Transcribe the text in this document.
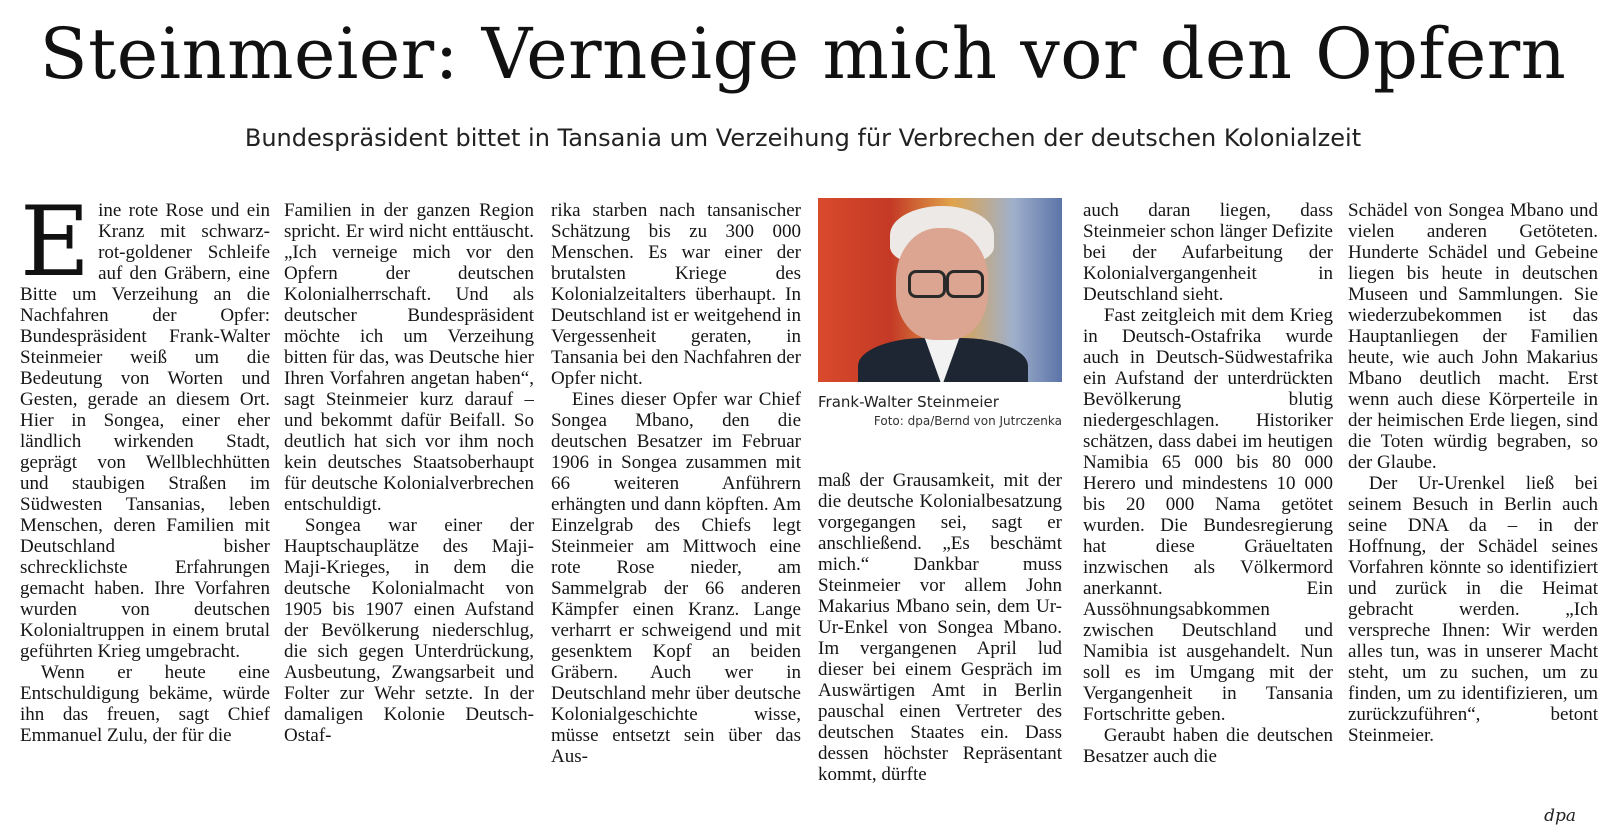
Steinmeier: Verneige mich vor den Opfern
Bundespräsident bittet in Tansania um Verzeihung für Verbrechen der deutschen Kolonialzeit
E ine rote Rose und ein Kranz mit schwarz-rot-goldener Schleife auf den Gräbern, eine Bitte um Verzeihung an die Nachfahren der Opfer: Bundespräsident Frank-Walter Steinmeier weiß um die Bedeutung von Worten und Gesten, gerade an diesem Ort. Hier in Songea, einer eher ländlich wirkenden Stadt, geprägt von Wellblechhütten und staubigen Straßen im Südwesten Tansanias, leben Menschen, deren Familien mit Deutschland bisher schrecklichste Erfahrungen gemacht haben. Ihre Vorfahren wurden von deutschen Kolonialtruppen in einem brutal geführten Krieg umgebracht.

Wenn er heute eine Entschuldigung bekäme, würde ihn das freuen, sagt Chief Emmanuel Zulu, der für die

Familien in der ganzen Region spricht. Er wird nicht enttäuscht. „Ich verneige mich vor den Opfern der deutschen Kolonialherrschaft. Und als deutscher Bundespräsident möchte ich um Verzeihung bitten für das, was Deutsche hier Ihren Vorfahren angetan haben“, sagt Steinmeier kurz darauf – und bekommt dafür Beifall. So deutlich hat sich vor ihm noch kein deutsches Staatsoberhaupt für deutsche Kolonialverbrechen entschuldigt.

Songea war einer der Hauptschauplätze des Maji-Maji-Krieges, in dem die deutsche Kolonialmacht von 1905 bis 1907 einen Aufstand der Bevölkerung niederschlug, die sich gegen Unterdrückung, Ausbeutung, Zwangsarbeit und Folter zur Wehr setzte. In der damaligen Kolonie Deutsch-Ostaf-

rika starben nach tansanischer Schätzung bis zu 300 000 Menschen. Es war einer der brutalsten Kriege des Kolonialzeitalters überhaupt. In Deutschland ist er weitgehend in Vergessenheit geraten, in Tansania bei den Nachfahren der Opfer nicht.

Eines dieser Opfer war Chief Songea Mbano, den die deutschen Besatzer im Februar 1906 in Songea zusammen mit 66 weiteren Anführern erhängten und dann köpften. Am Einzelgrab des Chiefs legt Steinmeier am Mittwoch eine rote Rose nieder, am Sammelgrab der 66 anderen Kämpfer einen Kranz. Lange verharrt er schweigend und mit gesenktem Kopf an beiden Gräbern. Auch wer in Deutschland mehr über deutsche Kolonialgeschichte wisse, müsse entsetzt sein über das Aus-

Frank-Walter Steinmeier
Foto: dpa/Bernd von Jutrczenka

maß der Grausamkeit, mit der die deutsche Kolonialbesatzung vorgegangen sei, sagt er anschließend. „Es beschämt mich.“ Dankbar muss Steinmeier vor allem John Makarius Mbano sein, dem Ur-Ur-Enkel von Songea Mbano. Im vergangenen April lud dieser bei einem Gespräch im Auswärtigen Amt in Berlin pauschal einen Vertreter des deutschen Staates ein. Dass dessen höchster Repräsentant kommt, dürfte

auch daran liegen, dass Steinmeier schon länger Defizite bei der Aufarbeitung der Kolonialvergangenheit in Deutschland sieht.

Fast zeitgleich mit dem Krieg in Deutsch-Ostafrika wurde auch in Deutsch-Südwestafrika ein Aufstand der unterdrückten Bevölkerung blutig niedergeschlagen. Historiker schätzen, dass dabei im heutigen Namibia 65 000 bis 80 000 Herero und mindestens 10 000 bis 20 000 Nama getötet wurden. Die Bundesregierung hat diese Gräueltaten inzwischen als Völkermord anerkannt. Ein Aussöhnungsabkommen zwischen Deutschland und Namibia ist ausgehandelt. Nun soll es im Umgang mit der Vergangenheit in Tansania Fortschritte geben.

Geraubt haben die deutschen Besatzer auch die

Schädel von Songea Mbano und vielen anderen Getöteten. Hunderte Schädel und Gebeine liegen bis heute in deutschen Museen und Sammlungen. Sie wiederzubekommen ist das Hauptanliegen der Familien heute, wie auch John Makarius Mbano deutlich macht. Erst wenn auch diese Körperteile in der heimischen Erde liegen, sind die Toten würdig begraben, so der Glaube.

Der Ur-Urenkel ließ bei seinem Besuch in Berlin auch seine DNA da – in der Hoffnung, der Schädel seines Vorfahren könnte so identifiziert und zurück in die Heimat gebracht werden. „Ich verspreche Ihnen: Wir werden alles tun, was in unserer Macht steht, um zu suchen, um zu finden, um zu identifizieren, um zurückzuführen“, betont Steinmeier.

dpa
